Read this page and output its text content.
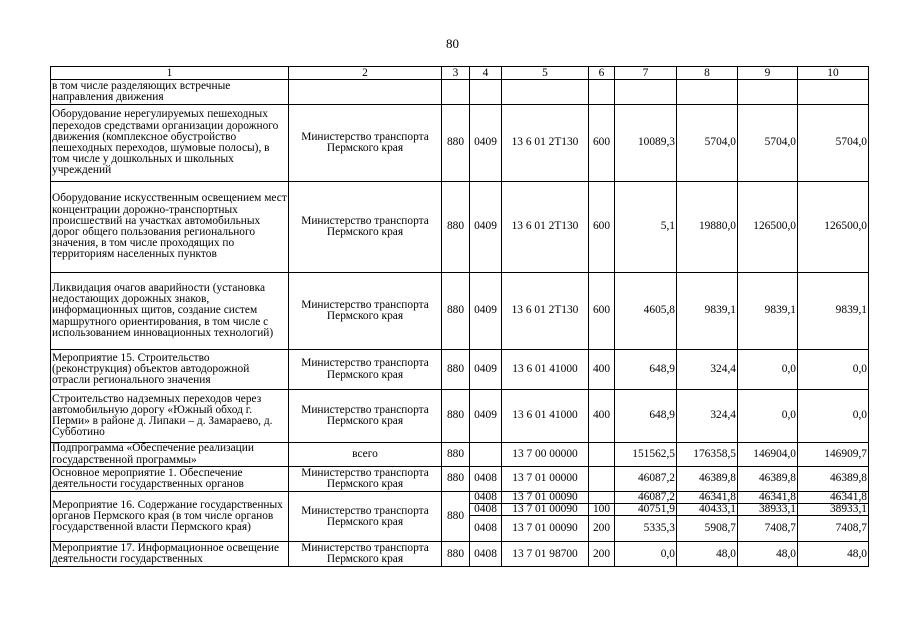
80
1	2	3	4	5	6	7	8	9	10
в том числе разделяющих встречные направления движения									
Оборудование нерегулируемых пешеходных переходов средствами организации дорожного движения (комплексное обустройство пешеходных переходов, шумовые полосы), в том числе у дошкольных и школьных учреждений	Министерство транспорта Пермского края	880	0409	13 6 01 2Т130	600	10089,3	5704,0	5704,0	5704,0
Оборудование искусственным освещением мест концентрации дорожно-транспортных происшествий на участках автомобильных дорог общего пользования регионального значения, в том числе проходящих по территориям населенных пунктов	Министерство транспорта Пермского края	880	0409	13 6 01 2Т130	600	5,1	19880,0	126500,0	126500,0
Ликвидация очагов аварийности (установка недостающих дорожных знаков, информационных щитов, создание систем маршрутного ориентирования, в том числе с использованием инновационных технологий)	Министерство транспорта Пермского края	880	0409	13 6 01 2Т130	600	4605,8	9839,1	9839,1	9839,1
Мероприятие 15. Строительство (реконструкция) объектов автодорожной отрасли регионального значения	Министерство транспорта Пермского края	880	0409	13 6 01 41000	400	648,9	324,4	0,0	0,0
Строительство надземных переходов через автомобильную дорогу «Южный обход г. Перми» в районе д. Липаки – д. Замараево, д. Субботино	Министерство транспорта Пермского края	880	0409	13 6 01 41000	400	648,9	324,4	0,0	0,0
Подпрограмма «Обеспечение реализации государственной программы»	всего	880		13 7 00 00000		151562,5	176358,5	146904,0	146909,7
Основное мероприятие 1. Обеспечение деятельности государственных органов	Министерство транспорта Пермского края	880	0408	13 7 01 00000		46087,2	46389,8	46389,8	46389,8
Мероприятие 16. Содержание государственных органов Пермского края (в том числе органов государственной власти Пермского края)	Министерство транспорта Пермского края	880	0408	13 7 01 00090		46087,2	46341,8	46341,8	46341,8
			0408	13 7 01 00090	100	40751,9	40433,1	38933,1	38933,1
			0408	13 7 01 00090	200	5335,3	5908,7	7408,7	7408,7
Мероприятие 17. Информационное освещение деятельности государственных	Министерство транспорта Пермского края	880	0408	13 7 01 98700	200	0,0	48,0	48,0	48,0
